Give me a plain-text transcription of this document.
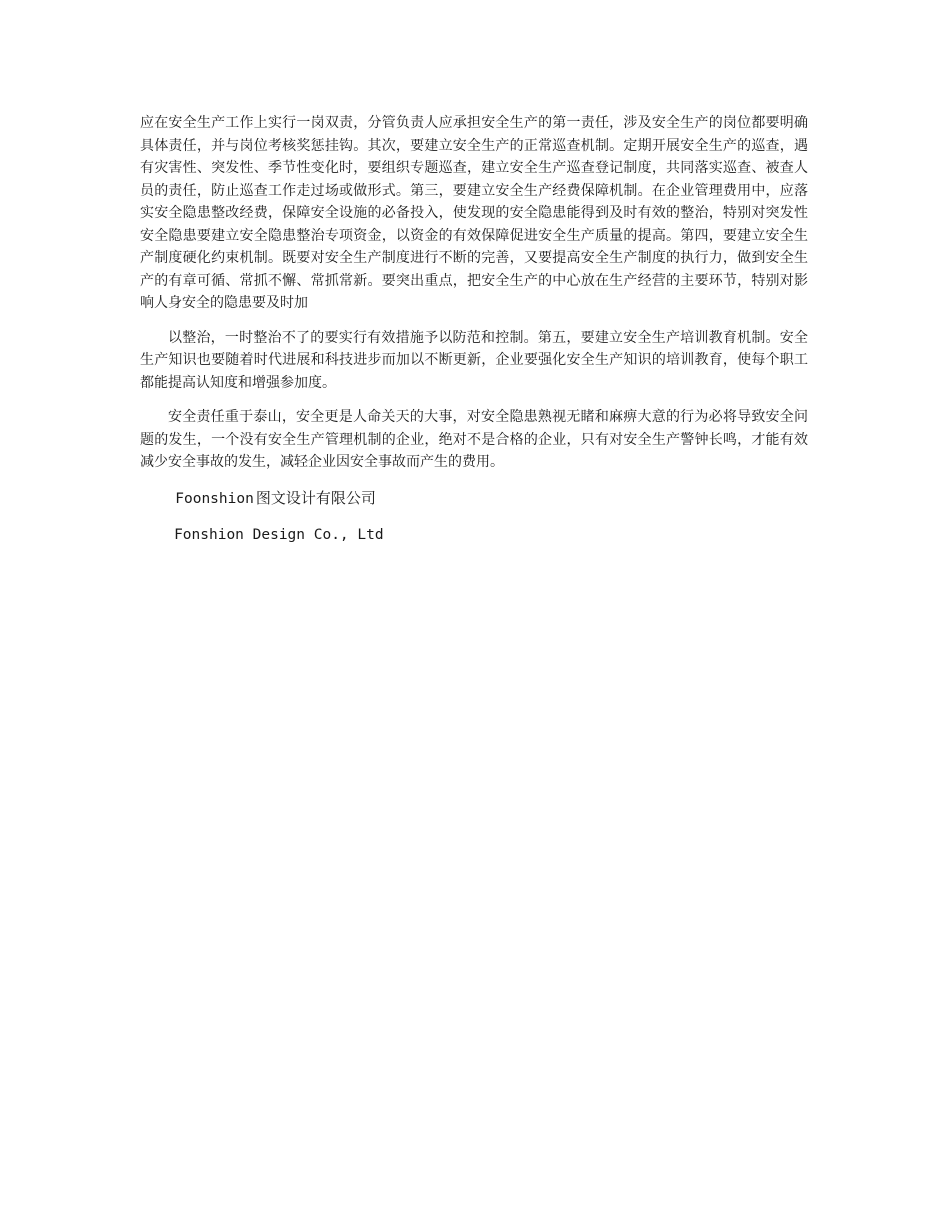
应在安全生产工作上实行一岗双责，分管负责人应承担安全生产的第一责任，涉及安全生产的岗位都要明确具体责任，并与岗位考核奖惩挂钩。其次，要建立安全生产的正常巡查机制。定期开展安全生产的巡查，遇有灾害性、突发性、季节性变化时，要组织专题巡查，建立安全生产巡查登记制度，共同落实巡查、被查人员的责任，防止巡查工作走过场或做形式。第三，要建立安全生产经费保障机制。在企业管理费用中，应落实安全隐患整改经费，保障安全设施的必备投入，使发现的安全隐患能得到及时有效的整治，特别对突发性安全隐患要建立安全隐患整治专项资金，以资金的有效保障促进安全生产质量的提高。第四，要建立安全生产制度硬化约束机制。既要对安全生产制度进行不断的完善，又要提高安全生产制度的执行力，做到安全生产的有章可循、常抓不懈、常抓常新。要突出重点，把安全生产的中心放在生产经营的主要环节，特别对影响人身安全的隐患要及时加

以整治，一时整治不了的要实行有效措施予以防范和控制。第五，要建立安全生产培训教育机制。安全生产知识也要随着时代进展和科技进步而加以不断更新，企业要强化安全生产知识的培训教育，使每个职工都能提高认知度和增强参加度。

安全责任重于泰山，安全更是人命关天的大事，对安全隐患熟视无睹和麻痹大意的行为必将导致安全问题的发生，一个没有安全生产管理机制的企业，绝对不是合格的企业，只有对安全生产警钟长鸣，才能有效减少安全事故的发生，减轻企业因安全事故而产生的费用。

Foonshion 图文设计有限公司

Fonshion Design Co., Ltd
